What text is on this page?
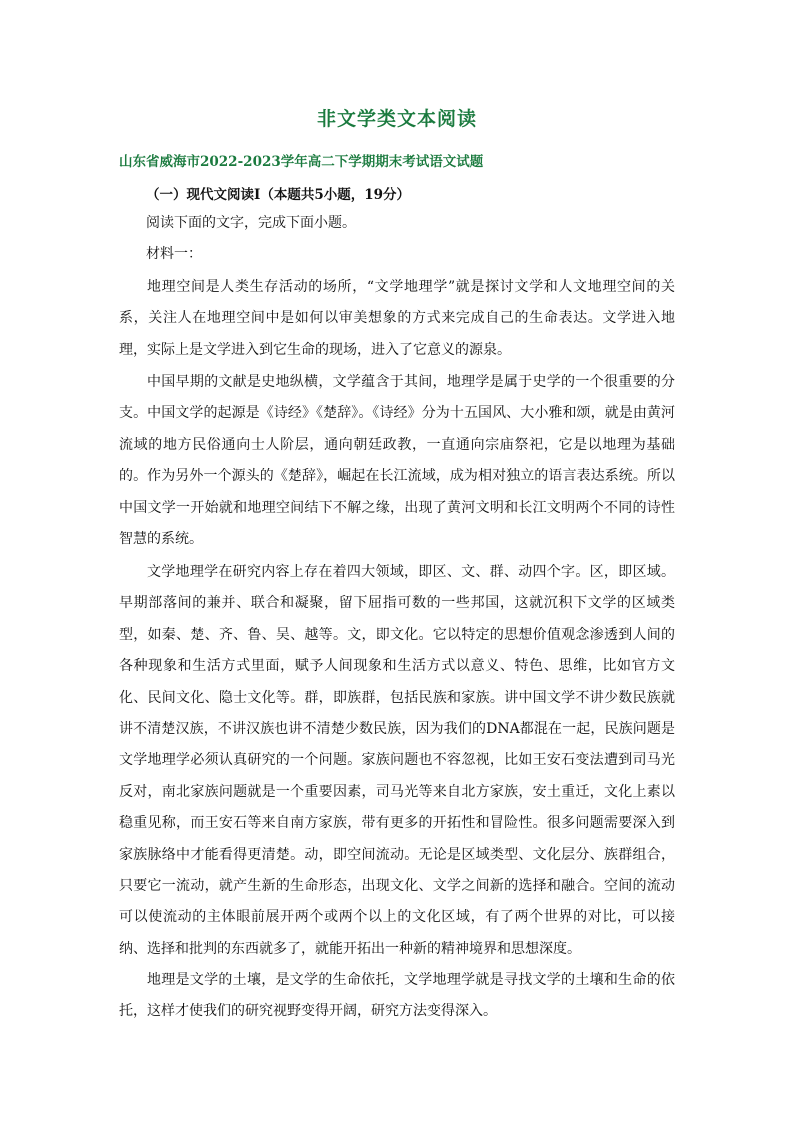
非文学类文本阅读
山东省威海市2022-2023学年高二下学期期末考试语文试题
（一）现代文阅读Ⅰ（本题共5小题，19分）
阅读下面的文字，完成下面小题。
材料一：
地理空间是人类生存活动的场所，“文学地理学”就是探讨文学和人文地理空间的关系，关注人在地理空间中是如何以审美想象的方式来完成自己的生命表达。文学进入地理，实际上是文学进入到它生命的现场，进入了它意义的源泉。
中国早期的文献是史地纵横，文学蕴含于其间，地理学是属于史学的一个很重要的分支。中国文学的起源是《诗经》《楚辞》。《诗经》分为十五国风、大小雅和颂，就是由黄河流域的地方民俗通向士人阶层，通向朝廷政教，一直通向宗庙祭祀，它是以地理为基础的。作为另外一个源头的《楚辞》，崛起在长江流域，成为相对独立的语言表达系统。所以中国文学一开始就和地理空间结下不解之缘，出现了黄河文明和长江文明两个不同的诗性智慧的系统。
文学地理学在研究内容上存在着四大领域，即区、文、群、动四个字。区，即区域。早期部落间的兼并、联合和凝聚，留下屈指可数的一些邦国，这就沉积下文学的区域类型，如秦、楚、齐、鲁、吴、越等。文，即文化。它以特定的思想价值观念渗透到人间的各种现象和生活方式里面，赋予人间现象和生活方式以意义、特色、思维，比如官方文化、民间文化、隐士文化等。群，即族群，包括民族和家族。讲中国文学不讲少数民族就讲不清楚汉族，不讲汉族也讲不清楚少数民族，因为我们的DNA都混在一起，民族问题是文学地理学必须认真研究的一个问题。家族问题也不容忽视，比如王安石变法遭到司马光反对，南北家族问题就是一个重要因素，司马光等来自北方家族，安土重迁，文化上素以稳重见称，而王安石等来自南方家族，带有更多的开拓性和冒险性。很多问题需要深入到家族脉络中才能看得更清楚。动，即空间流动。无论是区域类型、文化层分、族群组合，只要它一流动，就产生新的生命形态，出现文化、文学之间新的选择和融合。空间的流动可以使流动的主体眼前展开两个或两个以上的文化区域，有了两个世界的对比，可以接纳、选择和批判的东西就多了，就能开拓出一种新的精神境界和思想深度。
地理是文学的土壤，是文学的生命依托，文学地理学就是寻找文学的土壤和生命的依托，这样才使我们的研究视野变得开阔，研究方法变得深入。
